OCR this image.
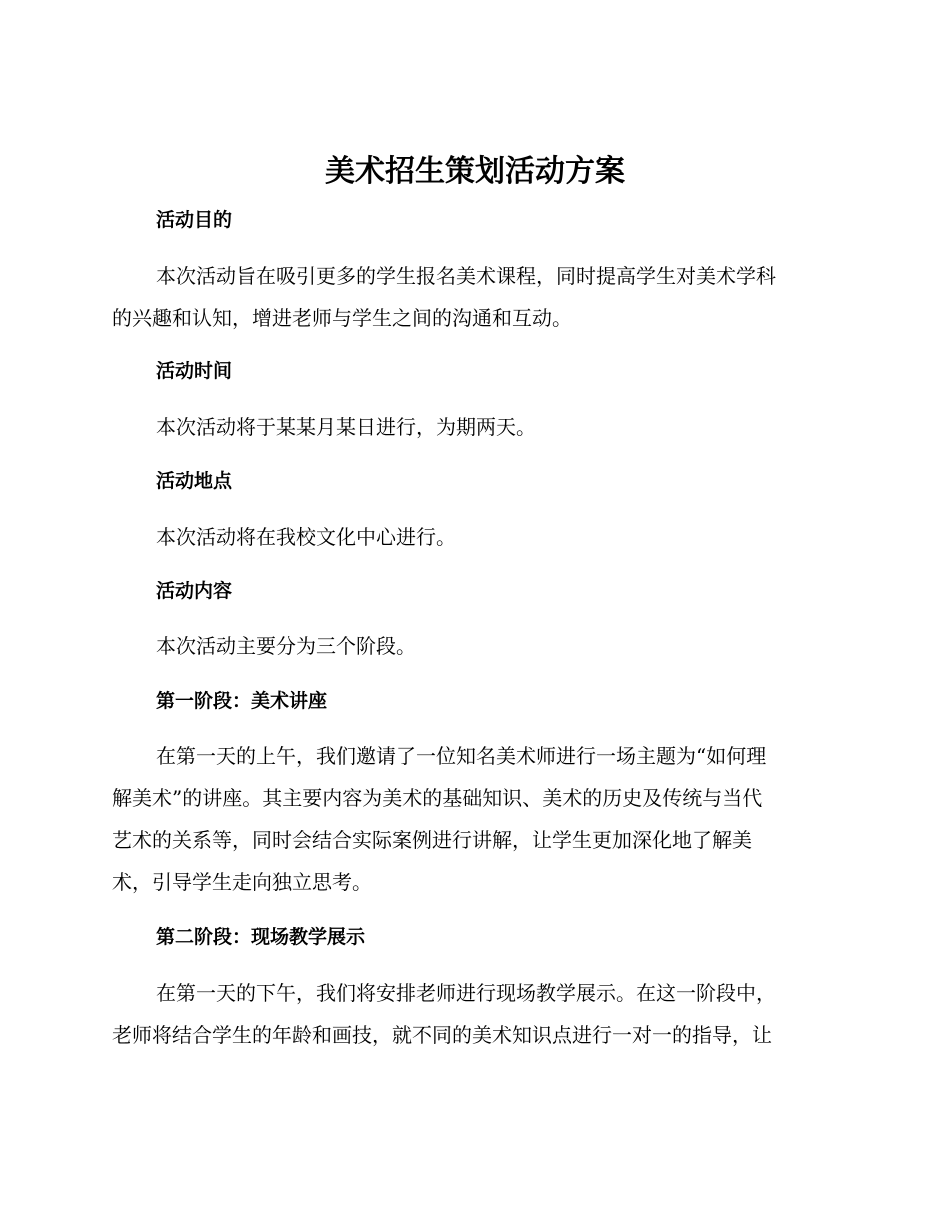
美术招生策划活动方案
活动目的
本次活动旨在吸引更多的学生报名美术课程，同时提高学生对美术学科
的兴趣和认知，增进老师与学生之间的沟通和互动。
活动时间
本次活动将于某某月某日进行，为期两天。
活动地点
本次活动将在我校文化中心进行。
活动内容
本次活动主要分为三个阶段。
第一阶段：美术讲座
在第一天的上午，我们邀请了一位知名美术师进行一场主题为“如何理
解美术”的讲座。其主要内容为美术的基础知识、美术的历史及传统与当代
艺术的关系等，同时会结合实际案例进行讲解，让学生更加深化地了解美
术，引导学生走向独立思考。
第二阶段：现场教学展示
在第一天的下午，我们将安排老师进行现场教学展示。在这一阶段中，
老师将结合学生的年龄和画技，就不同的美术知识点进行一对一的指导，让
